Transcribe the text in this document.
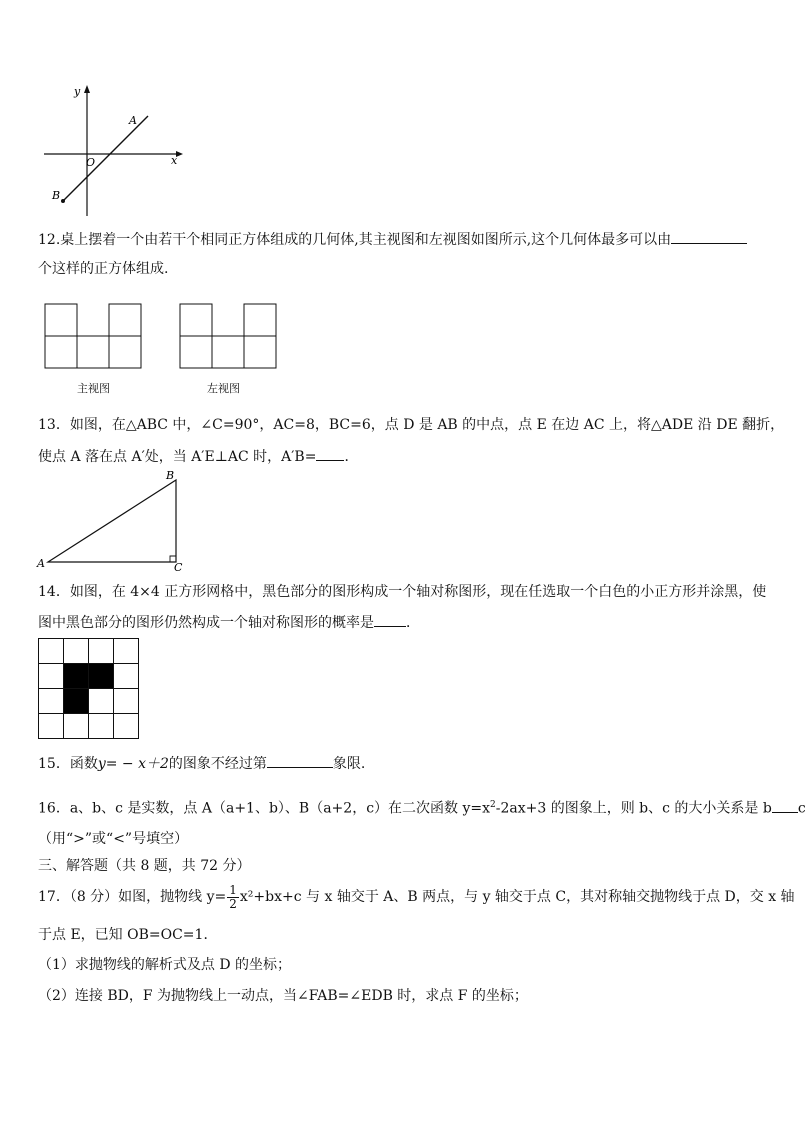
y
x
O
A
B
12.桌上摆着一个由若干个相同正方体组成的几何体,其主视图和左视图如图所示,这个几何体最多可以由
个这样的正方体组成.
主视图	左视图
13．如图，在△ABC 中，∠C=90°，AC=8，BC=6，点 D 是 AB 的中点，点 E 在边 AC 上，将△ADE 沿 DE 翻折，
使点 A 落在点 A′处，当 A′E⊥AC 时，A′B= ．
A
B
C
14．如图，在 4×4 正方形网格中，黑色部分的图形构成一个轴对称图形，现在任选取一个白色的小正方形并涂黑，使
图中黑色部分的图形仍然构成一个轴对称图形的概率是 ．
15．函数y= − x＋2的图象不经过第	象限.
16．a、b、c 是实数，点 A（a+1、b）、B（a+2，c）在二次函数 $y=x^2-2ax+3$ 的图象上，则 b、c 的大小关系是 b c
（用“>”或“<”号填空）
三、解答题（共 8 题，共 72 分）
17．（8 分）如图，抛物线 $y= \frac{1}{2} x^2+bx+c$ 与 x 轴交于 A、B 两点，与 y 轴交于点 C，其对称轴交抛物线于点 D，交 x 轴
于点 E，已知 OB=OC=1．
（1）求抛物线的解析式及点 D 的坐标；
（2）连接 BD，F 为抛物线上一动点，当∠FAB=∠EDB 时，求点 F 的坐标；
